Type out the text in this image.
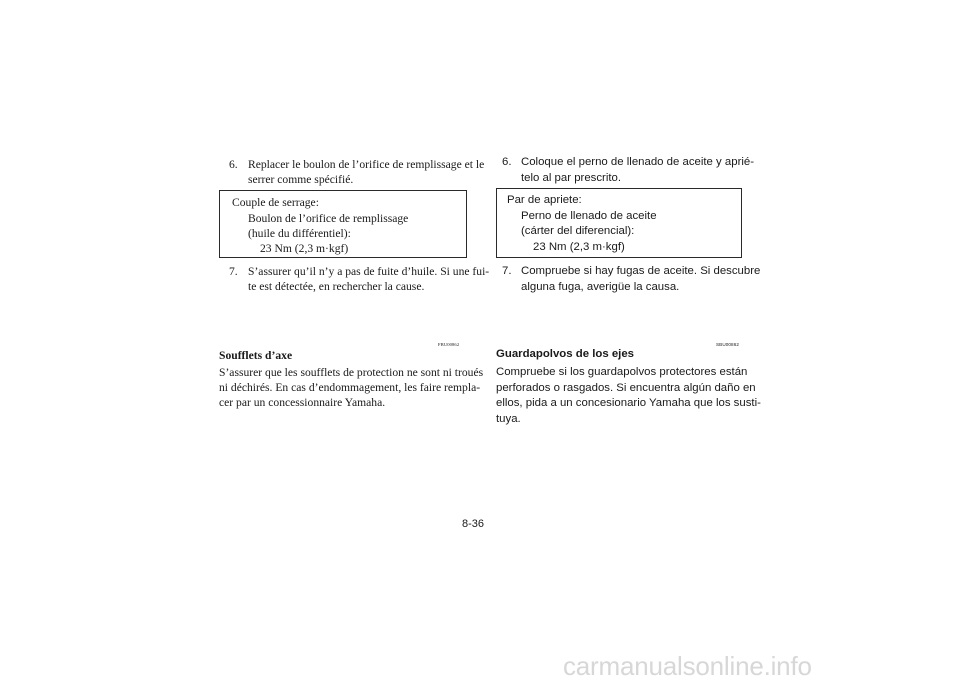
6. Replacer le boulon de l’orifice de remplissage et le
serrer comme spécifié.
Couple de serrage:
Boulon de l’orifice de remplissage
(huile du différentiel):
23 Nm (2,3 m·kgf)
7. S’assurer qu’il n’y a pas de fuite d’huile. Si une fui-
te est détectée, en rechercher la cause.
FBU00862
Soufflets d’axe
S’assurer que les soufflets de protection ne sont ni troués
ni déchirés. En cas d’endommagement, les faire rempla-
cer par un concessionnaire Yamaha.
6. Coloque el perno de llenado de aceite y aprié-
telo al par prescrito.
Par de apriete:
Perno de llenado de aceite
(cárter del diferencial):
23 Nm (2,3 m·kgf)
7. Compruebe si hay fugas de aceite. Si descubre
alguna fuga, averigüe la causa.
SBU00862
Guardapolvos de los ejes
Compruebe si los guardapolvos protectores están
perforados o rasgados. Si encuentra algún daño en
ellos, pida a un concesionario Yamaha que los susti-
tuya.
8-36
carmanualsonline.info
